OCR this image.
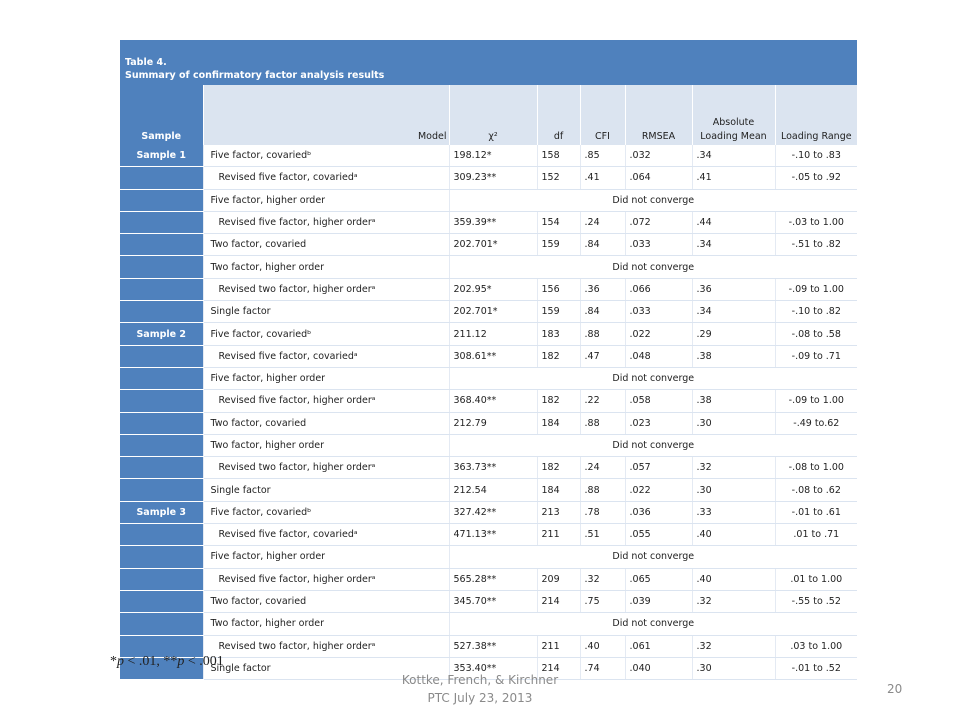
Table 4.
Summary of confirmatory factor analysis results							

Sample	Model	χ²	df	CFI	RMSEA	Absolute Loading Mean	Loading Range
Sample 1	Five factor, covariedᵇ	198.12*	158	.85	.032	.34	-.10 to .83
	Revised five factor, covariedᵃ	309.23**	152	.41	.064	.41	-.05 to .92
	Five factor, higher order	Did not converge					
	Revised five factor, higher orderᵃ	359.39**	154	.24	.072	.44	-.03 to 1.00
	Two factor, covaried	202.701*	159	.84	.033	.34	-.51 to .82
	Two factor, higher order	Did not converge					
	Revised two factor, higher orderᵃ	202.95*	156	.36	.066	.36	-.09 to 1.00
	Single factor	202.701*	159	.84	.033	.34	-.10 to .82
Sample 2	Five factor, covariedᵇ	211.12	183	.88	.022	.29	-.08 to .58
	Revised five factor, covariedᵃ	308.61**	182	.47	.048	.38	-.09 to .71
	Five factor, higher order	Did not converge					
	Revised five factor, higher orderᵃ	368.40**	182	.22	.058	.38	-.09 to 1.00
	Two factor, covaried	212.79	184	.88	.023	.30	-.49 to.62
	Two factor, higher order	Did not converge					
	Revised two factor, higher orderᵃ	363.73**	182	.24	.057	.32	-.08 to 1.00
	Single factor	212.54	184	.88	.022	.30	-.08 to .62
Sample 3	Five factor, covariedᵇ	327.42**	213	.78	.036	.33	-.01 to .61
	Revised five factor, covariedᵃ	471.13**	211	.51	.055	.40	.01 to .71
	Five factor, higher order	Did not converge					
	Revised five factor, higher orderᵃ	565.28**	209	.32	.065	.40	.01 to 1.00
	Two factor, covaried	345.70**	214	.75	.039	.32	-.55 to .52
	Two factor, higher order	Did not converge					
	Revised two factor, higher orderᵃ	527.38**	211	.40	.061	.32	.03 to 1.00
	Single factor	353.40**	214	.74	.040	.30	-.01 to .52
*p < .01, **p < .001
Kottke, French, & Kirchner
PTC July 23, 2013
20
